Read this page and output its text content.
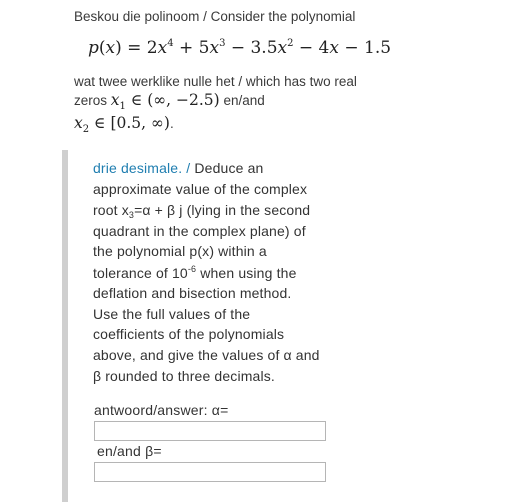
Beskou die polinoom / Consider the polynomial
$p(x) = 2x^4 + 5x^3 - 3.5x^2 - 4x - 1.5$
wat twee werklike nulle het / which has two real
zeros $x_1$ ∈ (∞, −2.5) en/and
$x_2$ ∈ [0.5, ∞).
drie desimale. / Deduce an
approximate value of the complex
root $x_3=\alpha + \beta$ j (lying in the second
quadrant in the complex plane) of
the polynomial p(x) within a
tolerance of $10^{-6}$ when using the
deflation and bisection method.
Use the full values of the
coefficients of the polynomials
above, and give the values of α and
β rounded to three decimals.
antwoord/answer: α=
en/and β=
